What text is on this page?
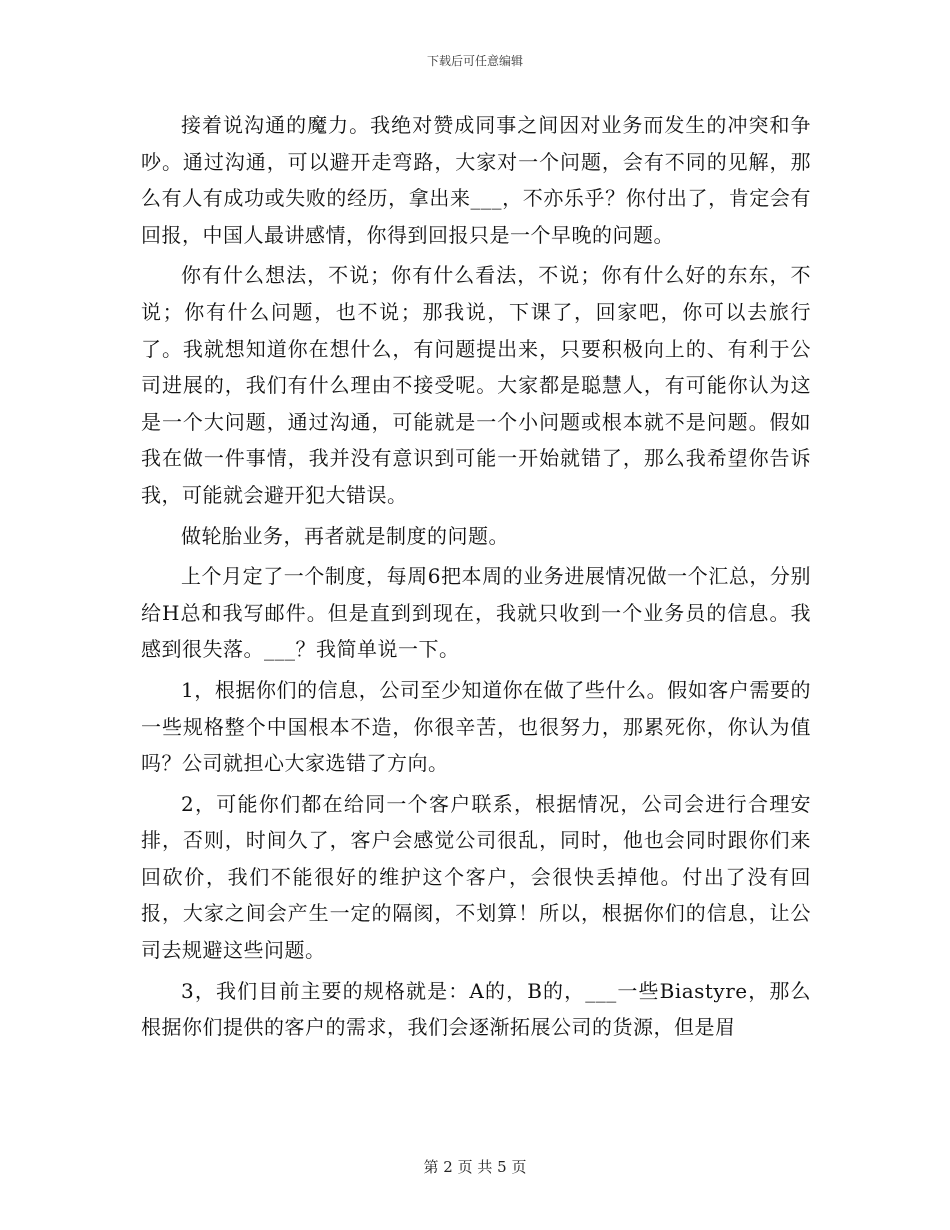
下载后可任意编辑

接着说沟通的魔力。我绝对赞成同事之间因对业务而发生的冲突和争吵。通过沟通，可以避开走弯路，大家对一个问题，会有不同的见解，那么有人有成功或失败的经历，拿出来___，不亦乐乎？你付出了，肯定会有回报，中国人最讲感情，你得到回报只是一个早晚的问题。

你有什么想法，不说；你有什么看法，不说；你有什么好的东东，不说；你有什么问题，也不说；那我说，下课了，回家吧，你可以去旅行了。我就想知道你在想什么，有问题提出来，只要积极向上的、有利于公司进展的，我们有什么理由不接受呢。大家都是聪慧人，有可能你认为这是一个大问题，通过沟通，可能就是一个小问题或根本就不是问题。假如我在做一件事情，我并没有意识到可能一开始就错了，那么我希望你告诉我，可能就会避开犯大错误。

做轮胎业务，再者就是制度的问题。

上个月定了一个制度，每周6把本周的业务进展情况做一个汇总，分别给H总和我写邮件。但是直到到现在，我就只收到一个业务员的信息。我感到很失落。___？我简单说一下。

1，根据你们的信息，公司至少知道你在做了些什么。假如客户需要的一些规格整个中国根本不造，你很辛苦，也很努力，那累死你，你认为值吗？公司就担心大家选错了方向。

2，可能你们都在给同一个客户联系，根据情况，公司会进行合理安排，否则，时间久了，客户会感觉公司很乱，同时，他也会同时跟你们来回砍价，我们不能很好的维护这个客户，会很快丢掉他。付出了没有回报，大家之间会产生一定的隔阂，不划算！所以，根据你们的信息，让公司去规避这些问题。

3，我们目前主要的规格就是：A的，B的，___一些Biastyre，那么根据你们提供的客户的需求，我们会逐渐拓展公司的货源，但是眉

第 2 页 共 5 页
